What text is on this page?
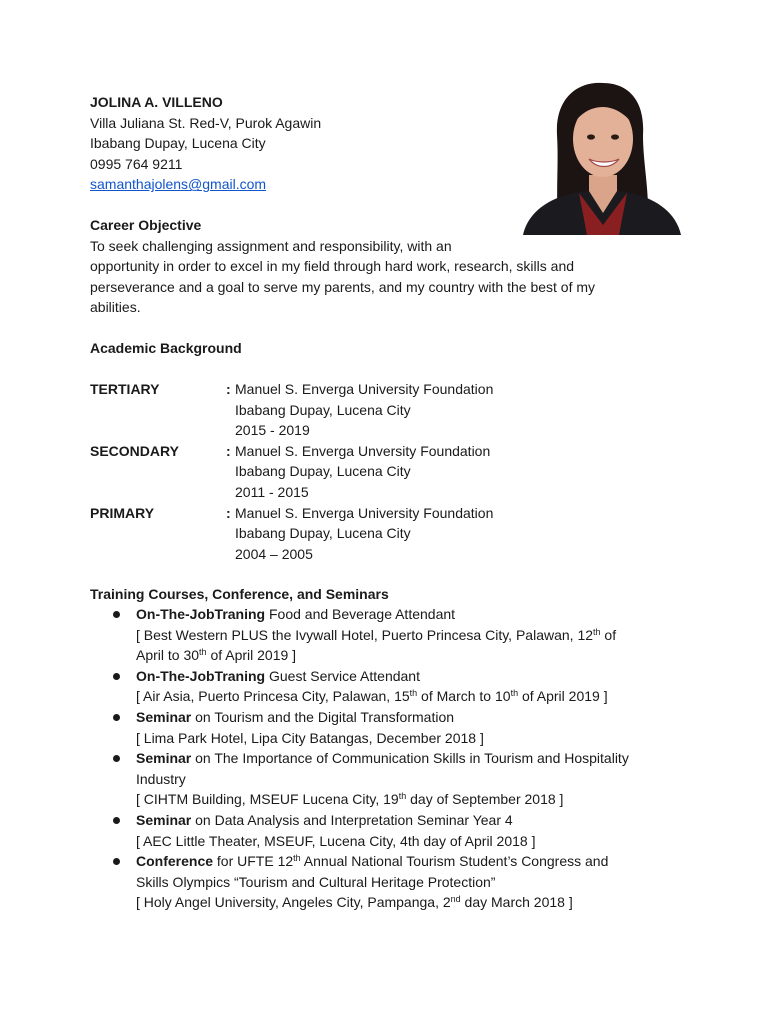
JOLINA A. VILLENO
Villa Juliana St. Red-V, Purok Agawin
Ibabang Dupay, Lucena City
0995 764 9211
samanthajolens@gmail.com
Career Objective
To seek challenging assignment and responsibility, with an
opportunity in order to excel in my field through hard work, research, skills and
perseverance and a goal to serve my parents, and my country with the best of my
abilities.
Academic Background
TERTIARY	: Manuel S. Enverga University Foundation
Ibabang Dupay, Lucena City
2015 - 2019
SECONDARY	: Manuel S. Enverga Unversity Foundation
Ibabang Dupay, Lucena City
2011 - 2015
PRIMARY	: Manuel S. Enverga University Foundation
Ibabang Dupay, Lucena City
2004 – 2005
Training Courses, Conference, and Seminars
On-The-JobTraning Food and Beverage Attendant
[ Best Western PLUS the Ivywall Hotel, Puerto Princesa City, Palawan, 12th of
April to 30th of April 2019 ]
On-The-JobTraning Guest Service Attendant
[ Air Asia, Puerto Princesa City, Palawan, 15th of March to 10th of April 2019 ]
Seminar on Tourism and the Digital Transformation
[ Lima Park Hotel, Lipa City Batangas, December 2018 ]
Seminar on The Importance of Communication Skills in Tourism and Hospitality
Industry
[ CIHTM Building, MSEUF Lucena City, 19th day of September 2018 ]
Seminar on Data Analysis and Interpretation Seminar Year 4
[ AEC Little Theater, MSEUF, Lucena City, 4th day of April 2018 ]
Conference for UFTE 12th Annual National Tourism Student’s Congress and
Skills Olympics “Tourism and Cultural Heritage Protection”
[ Holy Angel University, Angeles City, Pampanga, 2nd day March 2018 ]
